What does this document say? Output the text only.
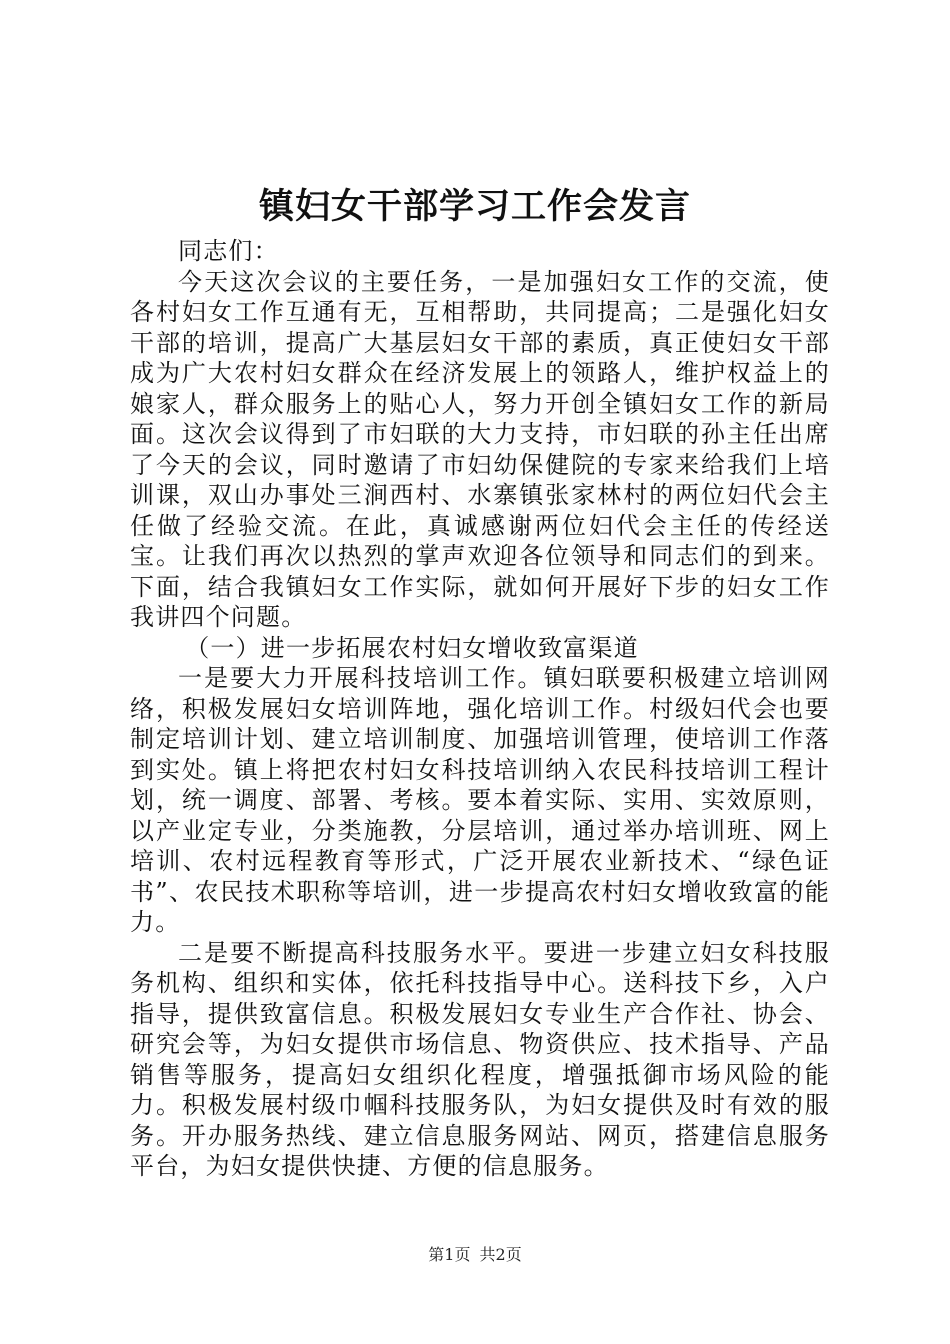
镇妇女干部学习工作会发言

同志们：

今天这次会议的主要任务，一是加强妇女工作的交流，使各村妇女工作互通有无，互相帮助，共同提高；二是强化妇女干部的培训，提高广大基层妇女干部的素质，真正使妇女干部成为广大农村妇女群众在经济发展上的领路人，维护权益上的娘家人，群众服务上的贴心人，努力开创全镇妇女工作的新局面。这次会议得到了市妇联的大力支持，市妇联的孙主任出席了今天的会议，同时邀请了市妇幼保健院的专家来给我们上培训课，双山办事处三涧西村、水寨镇张家林村的两位妇代会主任做了经验交流。在此，真诚感谢两位妇代会主任的传经送宝。让我们再次以热烈的掌声欢迎各位领导和同志们的到来。下面，结合我镇妇女工作实际，就如何开展好下步的妇女工作我讲四个问题。

（一）进一步拓展农村妇女增收致富渠道

一是要大力开展科技培训工作。镇妇联要积极建立培训网络，积极发展妇女培训阵地，强化培训工作。村级妇代会也要制定培训计划、建立培训制度、加强培训管理，使培训工作落到实处。镇上将把农村妇女科技培训纳入农民科技培训工程计划，统一调度、部署、考核。要本着实际、实用、实效原则，以产业定专业，分类施教，分层培训，通过举办培训班、网上培训、农村远程教育等形式，广泛开展农业新技术、“绿色证书”、农民技术职称等培训，进一步提高农村妇女增收致富的能力。

二是要不断提高科技服务水平。要进一步建立妇女科技服务机构、组织和实体，依托科技指导中心。送科技下乡，入户指导，提供致富信息。积极发展妇女专业生产合作社、协会、研究会等，为妇女提供市场信息、物资供应、技术指导、产品销售等服务，提高妇女组织化程度，增强抵御市场风险的能力。积极发展村级巾帼科技服务队，为妇女提供及时有效的服务。开办服务热线、建立信息服务网站、网页，搭建信息服务平台，为妇女提供快捷、方便的信息服务。

第1页 共2页
